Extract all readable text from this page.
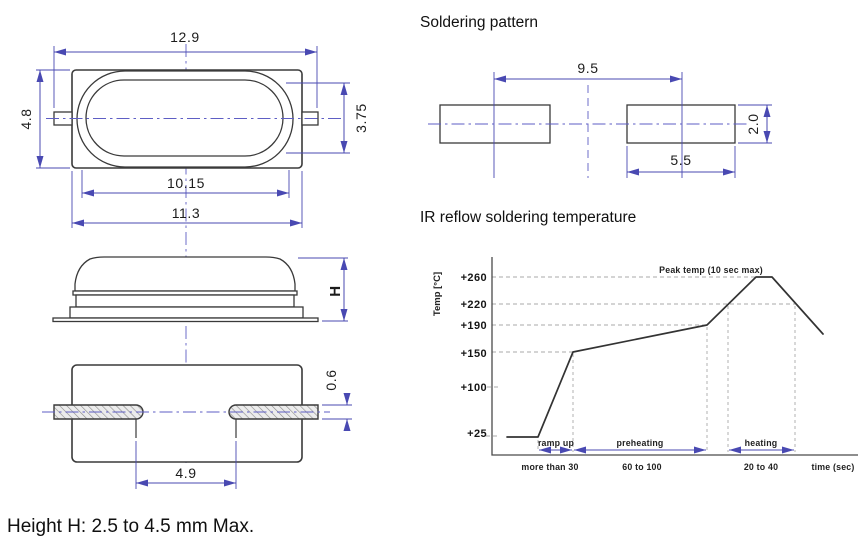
12.9
4.8	3.75
10.15
11.3
H
4.9
0.6
Height H: 2.5 to 4.5 mm Max.
Soldering pattern
9.5
5.5
2.0
IR reflow soldering temperature
Temp [°C] +260
+220
+190
+150
+100
+25
Peak temp (10 sec max)
ramp up	preheating	heating
more than 30	60 to 100	20 to 40	time (sec)
